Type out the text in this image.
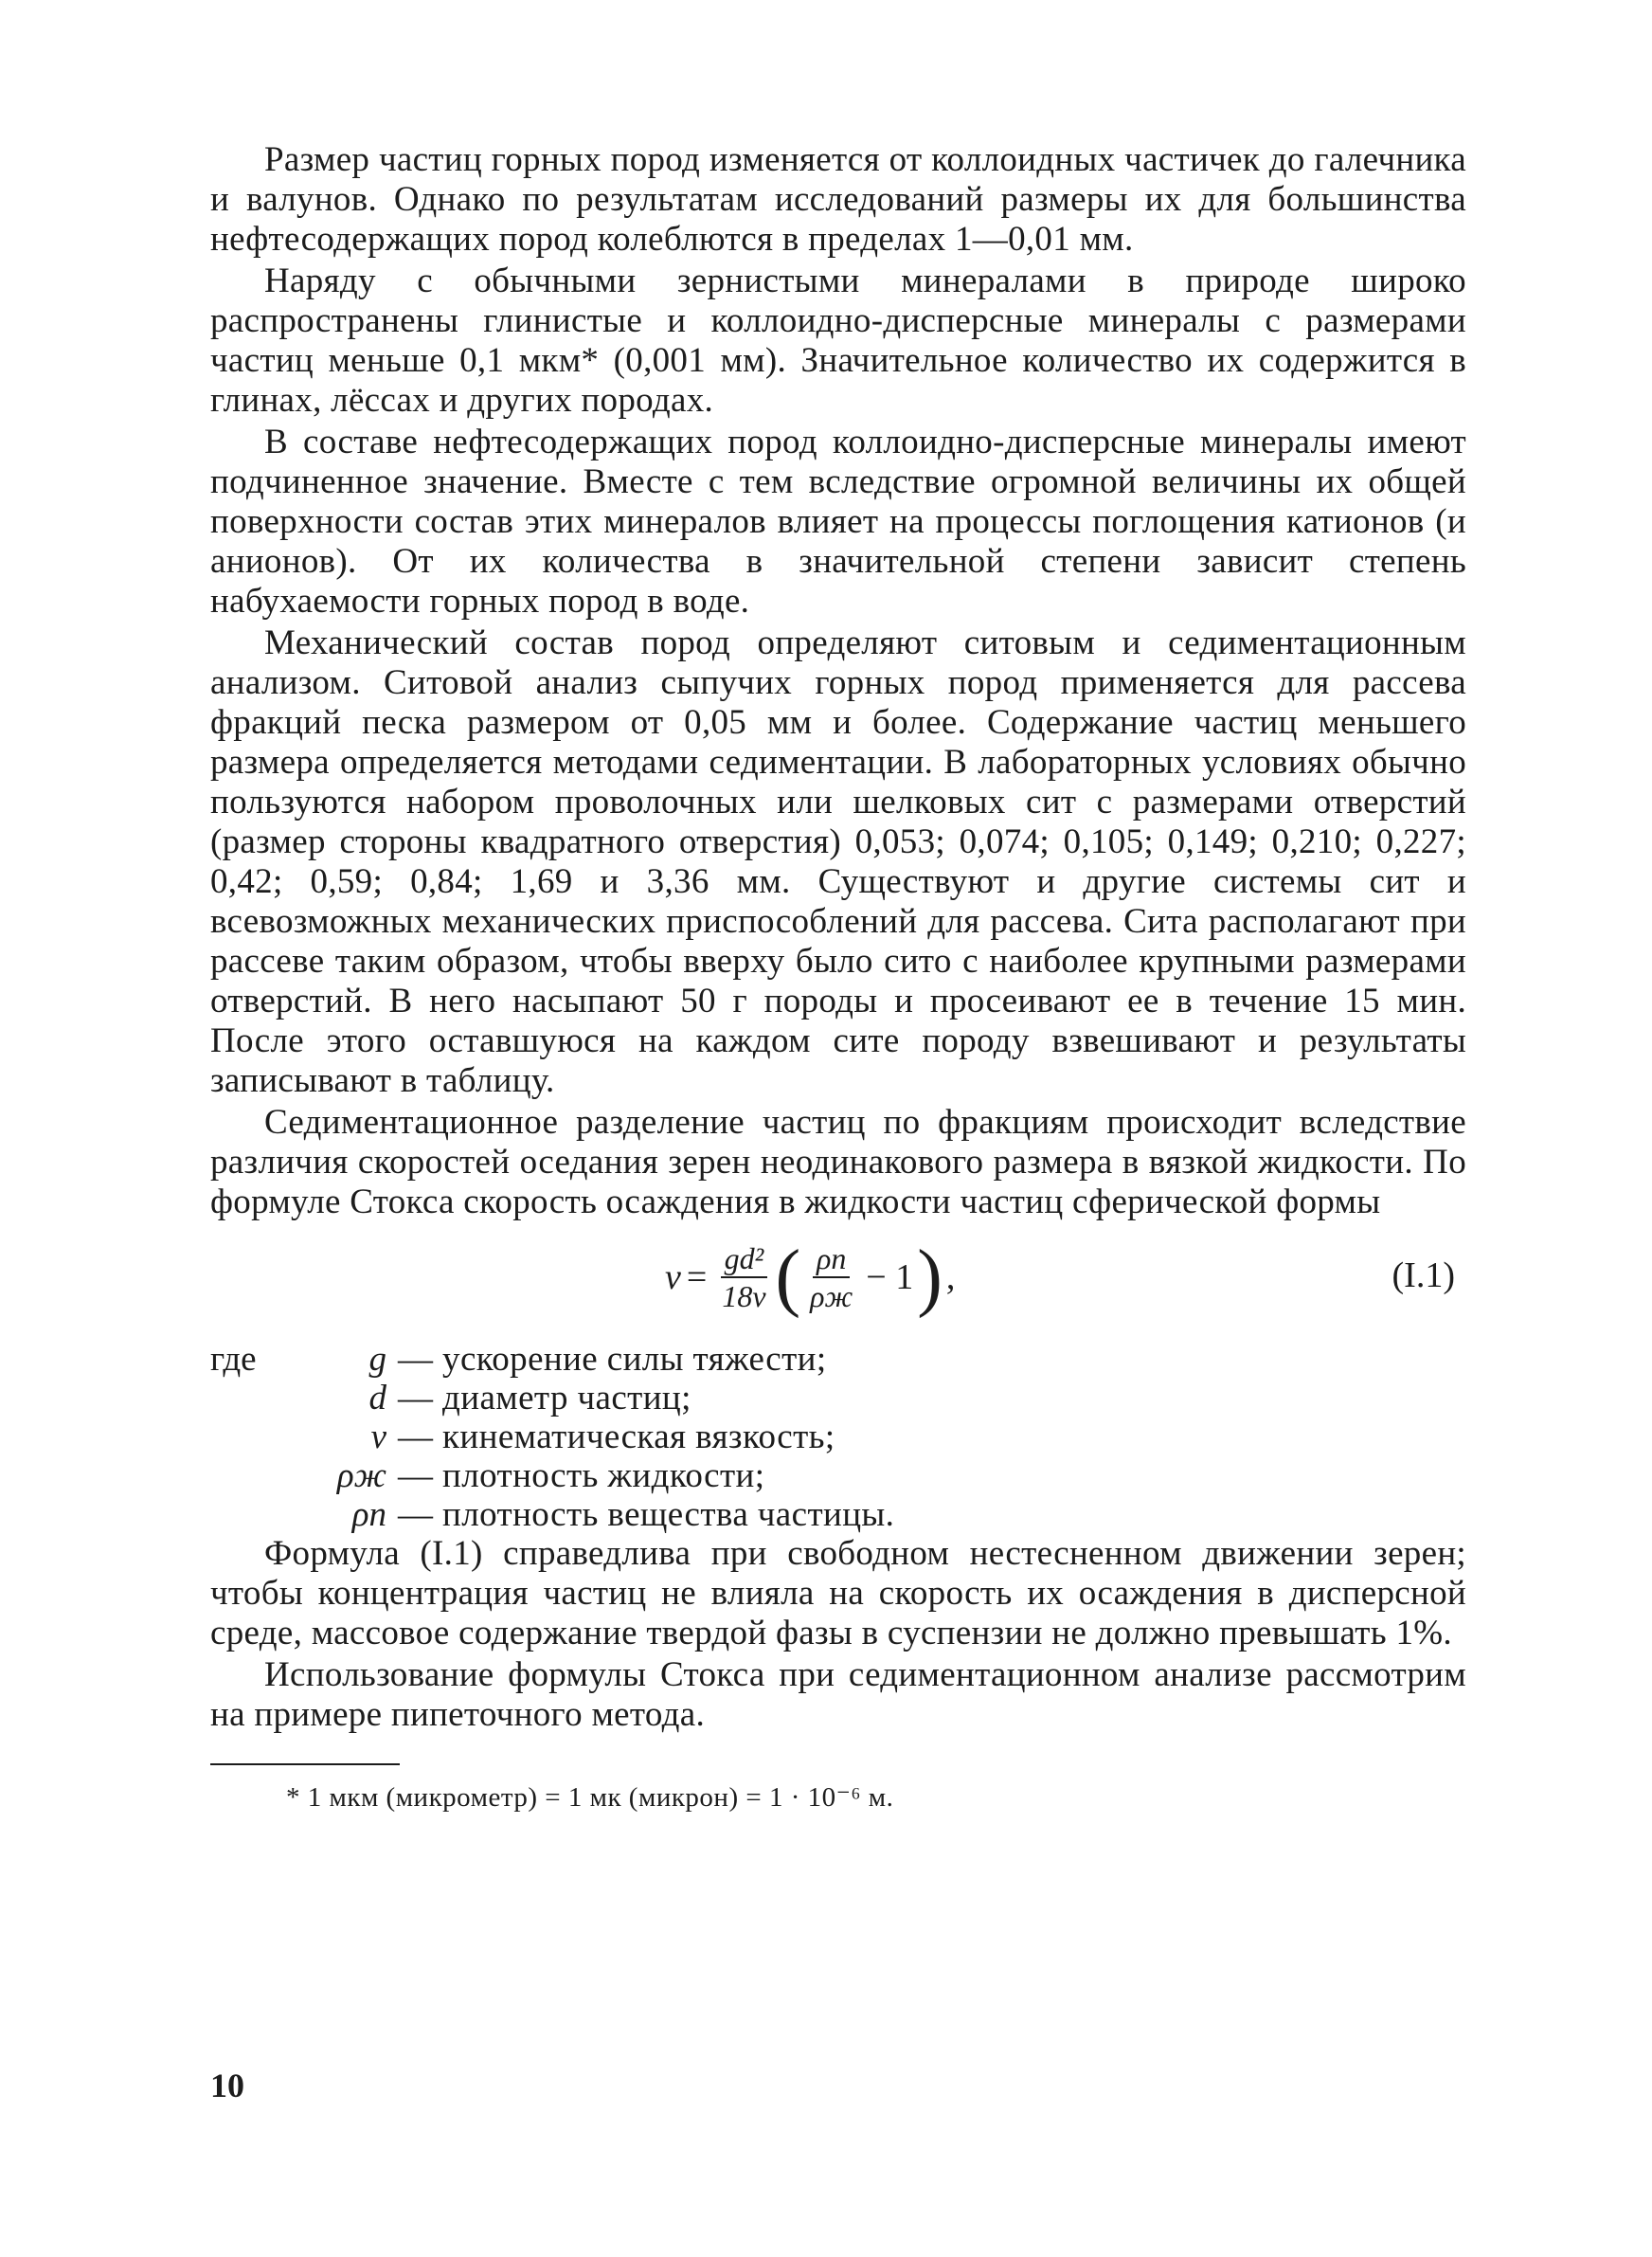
Размер частиц горных пород изменяется от коллоидных частичек до галечника и валунов. Однако по результатам исследований размеры их для большинства нефтесодержащих пород колеблются в пределах 1—0,01 мм.

Наряду с обычными зернистыми минералами в природе широко распространены глинистые и коллоидно-дисперсные минералы с размерами частиц меньше 0,1 мкм* (0,001 мм). Значительное количество их содержится в глинах, лёссах и других породах.

В составе нефтесодержащих пород коллоидно-дисперсные минералы имеют подчиненное значение. Вместе с тем вследствие огромной величины их общей поверхности состав этих минералов влияет на процессы поглощения катионов (и анионов). От их количества в значительной степени зависит степень набухаемости горных пород в воде.

Механический состав пород определяют ситовым и седиментационным анализом. Ситовой анализ сыпучих горных пород применяется для рассева фракций песка размером от 0,05 мм и более. Содержание частиц меньшего размера определяется методами седиментации. В лабораторных условиях обычно пользуются набором проволочных или шелковых сит с размерами отверстий (размер стороны квадратного отверстия) 0,053; 0,074; 0,105; 0,149; 0,210; 0,227; 0,42; 0,59; 0,84; 1,69 и 3,36 мм. Существуют и другие системы сит и всевозможных механических приспособлений для рассева. Сита располагают при рассеве таким образом, чтобы вверху было сито с наиболее крупными размерами отверстий. В него насыпают 50 г породы и просеивают ее в течение 15 мин. После этого оставшуюся на каждом сите породу взвешивают и результаты записывают в таблицу.

Седиментационное разделение частиц по фракциям происходит вследствие различия скоростей оседания зерен неодинакового размера в вязкой жидкости. По формуле Стокса скорость осаждения в жидкости частиц сферической формы

$v = \frac{\text{gd²}}{18\nu}$ ( $\frac{\rho п}{\rho ж} - 1$ ) ,	(I.1)
где	g — ускорение силы тяжести;
d — диаметр частиц;
ν — кинематическая вязкость;
ρж — плотность жидкости;
ρп — плотность вещества частицы.

Формула (I.1) справедлива при свободном нестесненном движении зерен; чтобы концентрация частиц не влияла на скорость их осаждения в дисперсной среде, массовое содержание твердой фазы в суспензии не должно превышать 1%.

Использование формулы Стокса при седиментационном анализе рассмотрим на примере пипеточного метода.

* 1 мкм (микрометр) = 1 мк (микрон) = 1 · 10⁻⁶ м.
10
